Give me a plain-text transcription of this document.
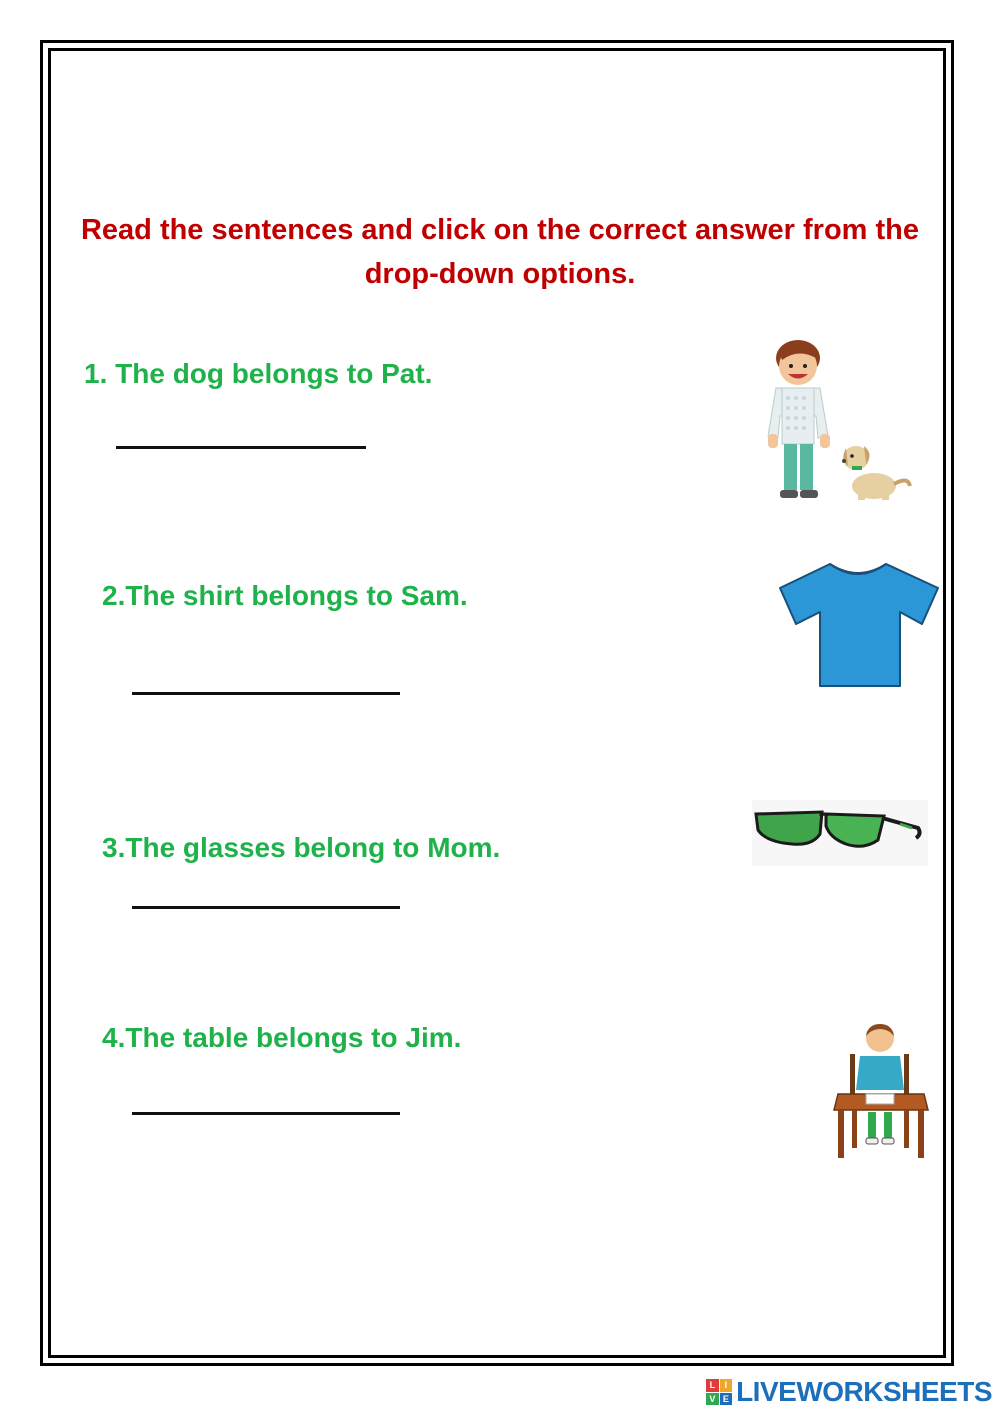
Read the sentences and click on the correct answer from the drop-down options.
1. The dog belongs to Pat.
2.The shirt belongs to Sam.
3.The glasses belong to Mom.
4.The table belongs to Jim.
L	I
V E LIVEWORKSHEETS
